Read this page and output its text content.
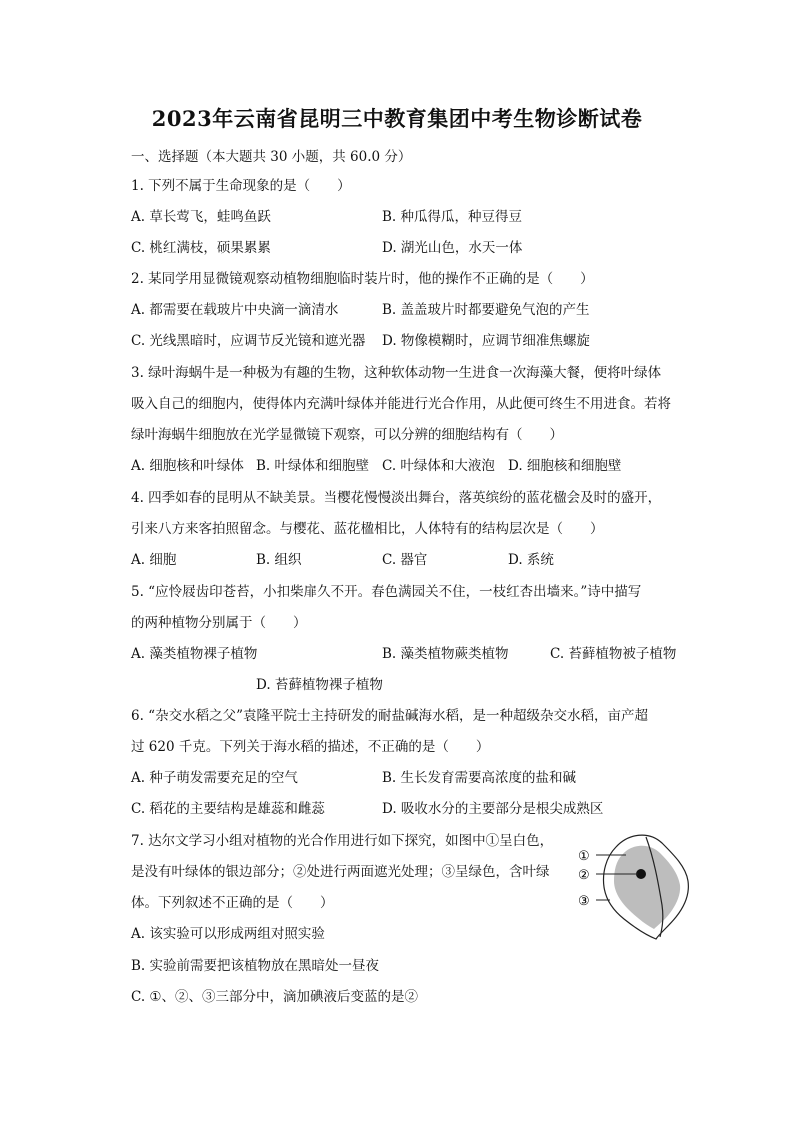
2023年云南省昆明三中教育集团中考生物诊断试卷
一、选择题（本大题共 30 小题，共 60.0 分）
1. 下列不属于生命现象的是（　　）
A. 草长莺飞，蛙鸣鱼跃	B. 种瓜得瓜，种豆得豆
C. 桃红满枝，硕果累累	D. 湖光山色，水天一体
2. 某同学用显微镜观察动植物细胞临时装片时，他的操作不正确的是（　　）
A. 都需要在载玻片中央滴一滴清水	B. 盖盖玻片时都要避免气泡的产生
C. 光线黑暗时，应调节反光镜和遮光器 D. 物像模糊时，应调节细准焦螺旋
3. 绿叶海蜗牛是一种极为有趣的生物，这种软体动物一生进食一次海藻大餐，便将叶绿体
吸入自己的细胞内，使得体内充满叶绿体并能进行光合作用，从此便可终生不用进食。若将
绿叶海蜗牛细胞放在光学显微镜下观察，可以分辨的细胞结构有（　　）
A. 细胞核和叶绿体 B. 叶绿体和细胞壁 C. 叶绿体和大液泡 D. 细胞核和细胞壁
4. 四季如春的昆明从不缺美景。当樱花慢慢淡出舞台，落英缤纷的蓝花楹会及时的盛开，
引来八方来客拍照留念。与樱花、蓝花楹相比，人体特有的结构层次是（　　）
A. 细胞	B. 组织	C. 器官	D. 系统
5. “应怜屐齿印苍苔，小扣柴扉久不开。春色满园关不住，一枝红杏出墙来。”诗中描写
的两种植物分别属于（　　）
A. 藻类植物裸子植物	B. 藻类植物蕨类植物	C. 苔藓植物被子植物
D. 苔藓植物裸子植物
6. “杂交水稻之父”袁隆平院士主持研发的耐盐碱海水稻，是一种超级杂交水稻，亩产超
过 620 千克。下列关于海水稻的描述，不正确的是（　　）
A. 种子萌发需要充足的空气	B. 生长发育需要高浓度的盐和碱
C. 稻花的主要结构是雄蕊和雌蕊	D. 吸收水分的主要部分是根尖成熟区
7. 达尔文学习小组对植物的光合作用进行如下探究，如图中①呈白色，
是没有叶绿体的银边部分；②处进行两面遮光处理；③呈绿色，含叶绿
体。下列叙述不正确的是（　　）
A. 该实验可以形成两组对照实验
B. 实验前需要把该植物放在黑暗处一昼夜
C. ①、②、③三部分中，滴加碘液后变蓝的是②
①
②
③
